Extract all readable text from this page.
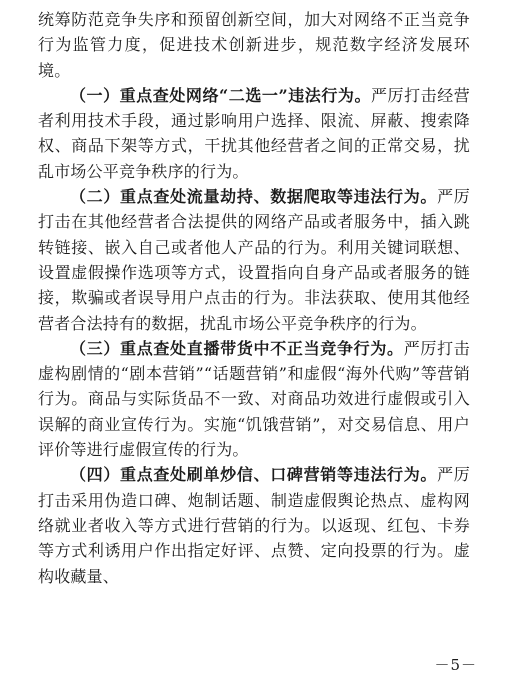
统筹防范竞争失序和预留创新空间，加大对网络不正当竞争行为监管力度，促进技术创新进步，规范数字经济发展环境。

（一）重点查处网络“二选一”违法行为。严厉打击经营者利用技术手段，通过影响用户选择、限流、屏蔽、搜索降权、商品下架等方式，干扰其他经营者之间的正常交易，扰乱市场公平竞争秩序的行为。

（二）重点查处流量劫持、数据爬取等违法行为。严厉打击在其他经营者合法提供的网络产品或者服务中，插入跳转链接、嵌入自己或者他人产品的行为。利用关键词联想、设置虚假操作选项等方式，设置指向自身产品或者服务的链接，欺骗或者误导用户点击的行为。非法获取、使用其他经营者合法持有的数据，扰乱市场公平竞争秩序的行为。

（三）重点查处直播带货中不正当竞争行为。严厉打击虚构剧情的“剧本营销”“话题营销”和虚假“海外代购”等营销行为。商品与实际货品不一致、对商品功效进行虚假或引入误解的商业宣传行为。实施“饥饿营销”，对交易信息、用户评价等进行虚假宣传的行为。

（四）重点查处刷单炒信、口碑营销等违法行为。严厉打击采用伪造口碑、炮制话题、制造虚假舆论热点、虚构网络就业者收入等方式进行营销的行为。以返现、红包、卡券等方式利诱用户作出指定好评、点赞、定向投票的行为。虚构收藏量、

－5－
